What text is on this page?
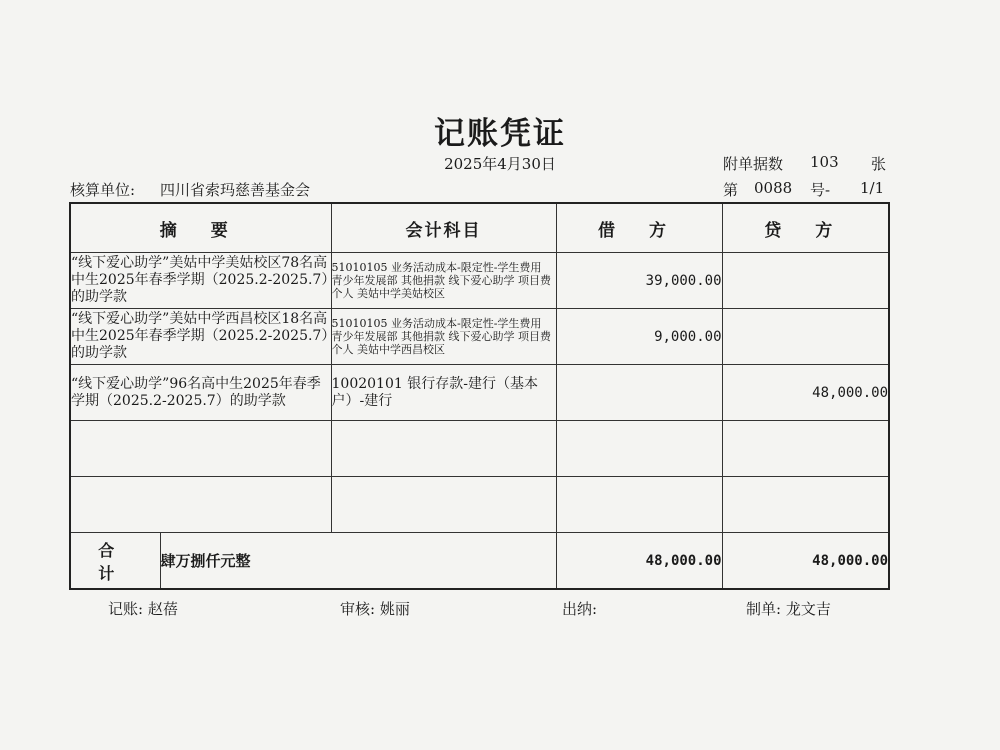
记账凭证
2025年4月30日	附单据数 103 张
核算单位: 四川省索玛慈善基金会	第 0088 号- 1/1
摘 要		会计科目	借 方	贷 方
“线下爱心助学”美姑中学美姑校区78名高中生2025年春季学期（2025.2-2025.7）的助学款		51010105 业务活动成本-限定性-学生费用 青少年发展部 其他捐款 线下爱心助学 项目费 个人 美姑中学美姑校区	39,000.00	
“线下爱心助学”美姑中学西昌校区18名高中生2025年春季学期（2025.2-2025.7）的助学款		51010105 业务活动成本-限定性-学生费用 青少年发展部 其他捐款 线下爱心助学 项目费 个人 美姑中学西昌校区	9,000.00	
“线下爱心助学”96名高中生2025年春季学期（2025.2-2025.7）的助学款		10020101 银行存款-建行（基本户）-建行		48,000.00

合 计	肆万捌仟元整		48,000.00	48,000.00
记账: 赵蓓	审核: 姚丽	出纳:	制单: 龙文吉
